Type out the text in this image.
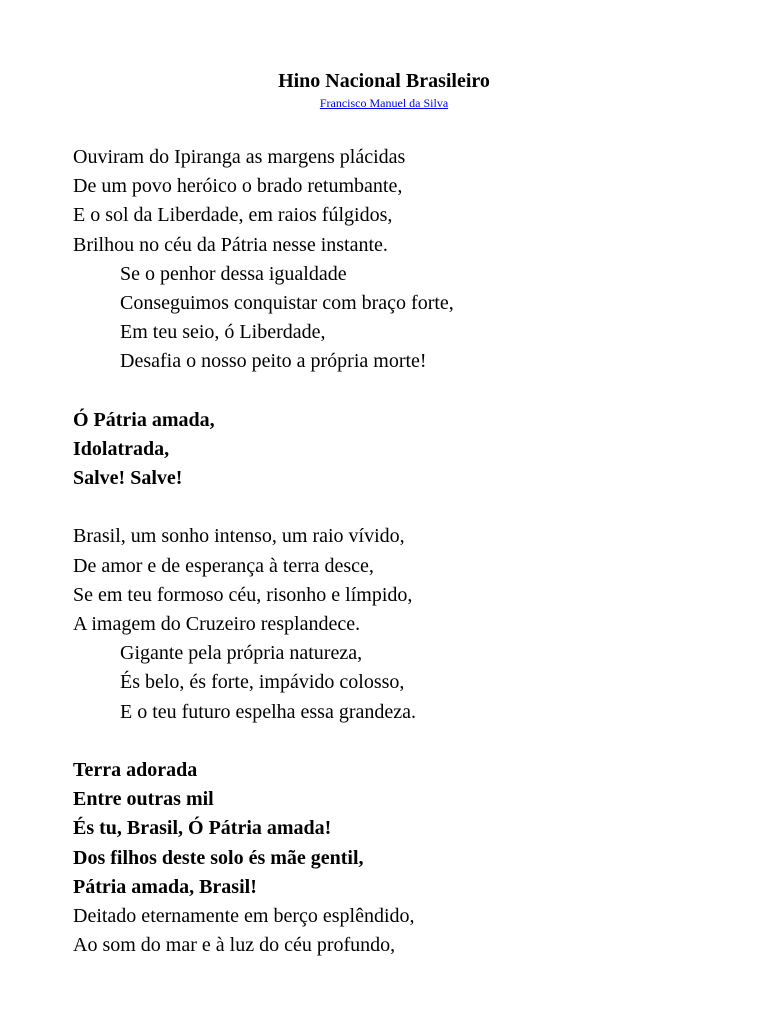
Hino Nacional Brasileiro
Francisco Manuel da Silva
Ouviram do Ipiranga as margens plácidas
De um povo heróico o brado retumbante,
E o sol da Liberdade, em raios fúlgidos,
Brilhou no céu da Pátria nesse instante.
Se o penhor dessa igualdade
Conseguimos conquistar com braço forte,
Em teu seio, ó Liberdade,
Desafia o nosso peito a própria morte!
Ó Pátria amada,
Idolatrada,
Salve! Salve!
Brasil, um sonho intenso, um raio vívido,
De amor e de esperança à terra desce,
Se em teu formoso céu, risonho e límpido,
A imagem do Cruzeiro resplandece.
Gigante pela própria natureza,
És belo, és forte, impávido colosso,
E o teu futuro espelha essa grandeza.
Terra adorada
Entre outras mil
És tu, Brasil, Ó Pátria amada!
Dos filhos deste solo és mãe gentil,
Pátria amada, Brasil!
Deitado eternamente em berço esplêndido,
Ao som do mar e à luz do céu profundo,
